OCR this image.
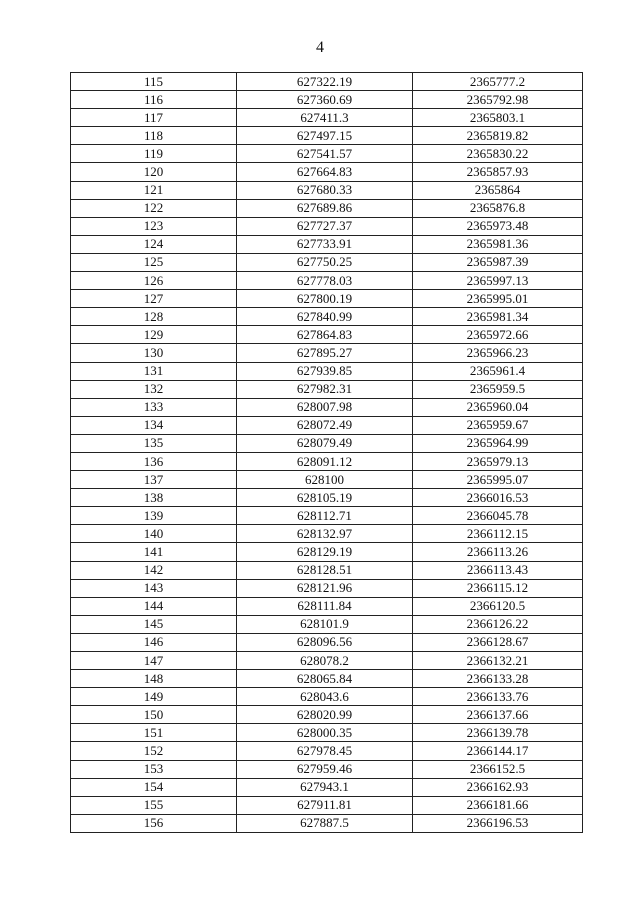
4
115	627322.19	2365777.2
116	627360.69	2365792.98
117	627411.3	2365803.1
118	627497.15	2365819.82
119	627541.57	2365830.22
120	627664.83	2365857.93
121	627680.33	2365864
122	627689.86	2365876.8
123	627727.37	2365973.48
124	627733.91	2365981.36
125	627750.25	2365987.39
126	627778.03	2365997.13
127	627800.19	2365995.01
128	627840.99	2365981.34
129	627864.83	2365972.66
130	627895.27	2365966.23
131	627939.85	2365961.4
132	627982.31	2365959.5
133	628007.98	2365960.04
134	628072.49	2365959.67
135	628079.49	2365964.99
136	628091.12	2365979.13
137	628100	2365995.07
138	628105.19	2366016.53
139	628112.71	2366045.78
140	628132.97	2366112.15
141	628129.19	2366113.26
142	628128.51	2366113.43
143	628121.96	2366115.12
144	628111.84	2366120.5
145	628101.9	2366126.22
146	628096.56	2366128.67
147	628078.2	2366132.21
148	628065.84	2366133.28
149	628043.6	2366133.76
150	628020.99	2366137.66
151	628000.35	2366139.78
152	627978.45	2366144.17
153	627959.46	2366152.5
154	627943.1	2366162.93
155	627911.81	2366181.66
156	627887.5	2366196.53
